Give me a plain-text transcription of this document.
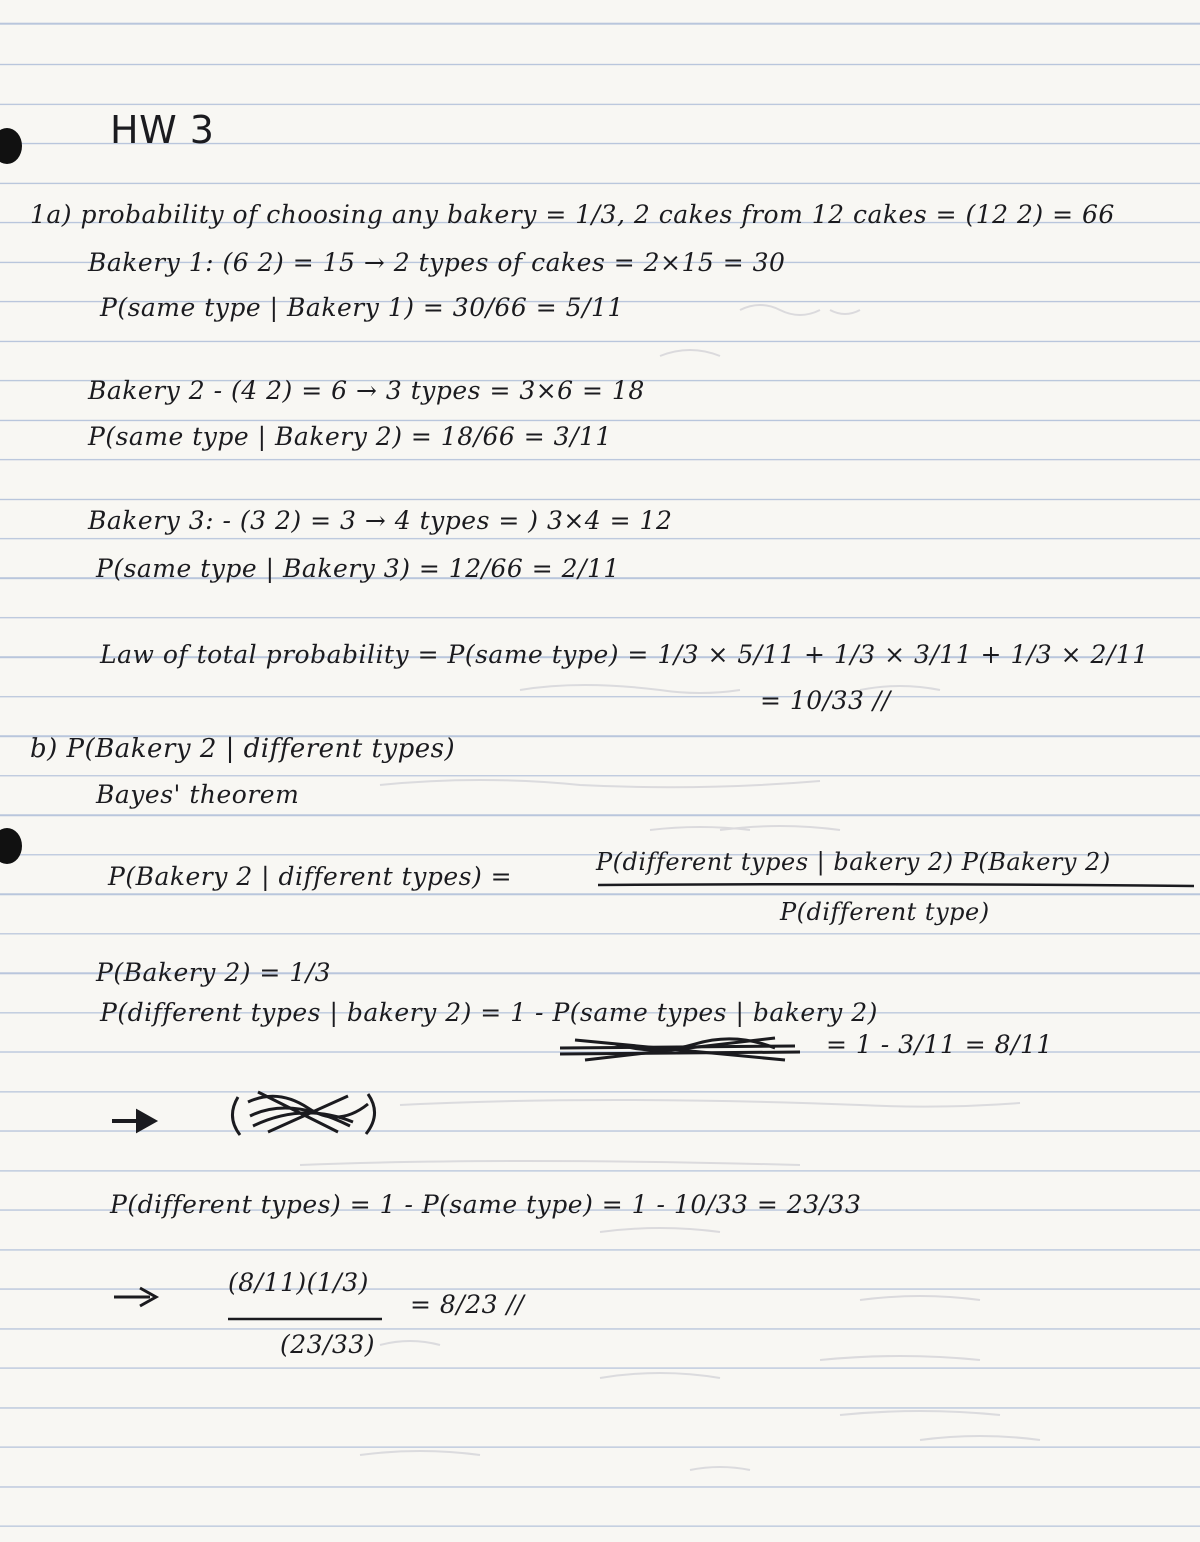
HW 3
1a) probability of choosing any bakery = 1/3, 2 cakes from 12 cakes = (12 2) = 66
Bakery 1: (6 2) = 15 → 2 types of cakes = 2×15 = 30
P(same type | Bakery 1) = 30/66 = 5/11
Bakery 2 - (4 2) = 6 → 3 types = 3×6 = 18
P(same type | Bakery 2) = 18/66 = 3/11
Bakery 3: - (3 2) = 3 → 4 types = ) 3×4 = 12
P(same type | Bakery 3) = 12/66 = 2/11
Law of total probability = P(same type) = 1/3 × 5/11 + 1/3 × 3/11 + 1/3 × 2/11
= 10/33 //
b) P(Bakery 2 | different types)
Bayes' theorem
P(Bakery 2 | different types) =	P(different types | bakery 2) P(Bakery 2)
P(different type)
P(Bakery 2) = 1/3
P(different types | bakery 2) = 1 - P(same types | bakery 2)
= 1 - 3/11 = 8/11
P(different types) = 1 - P(same type) = 1 - 10/33 = 23/33
(8/11)(1/3)
(23/33)
= 8/23 //
